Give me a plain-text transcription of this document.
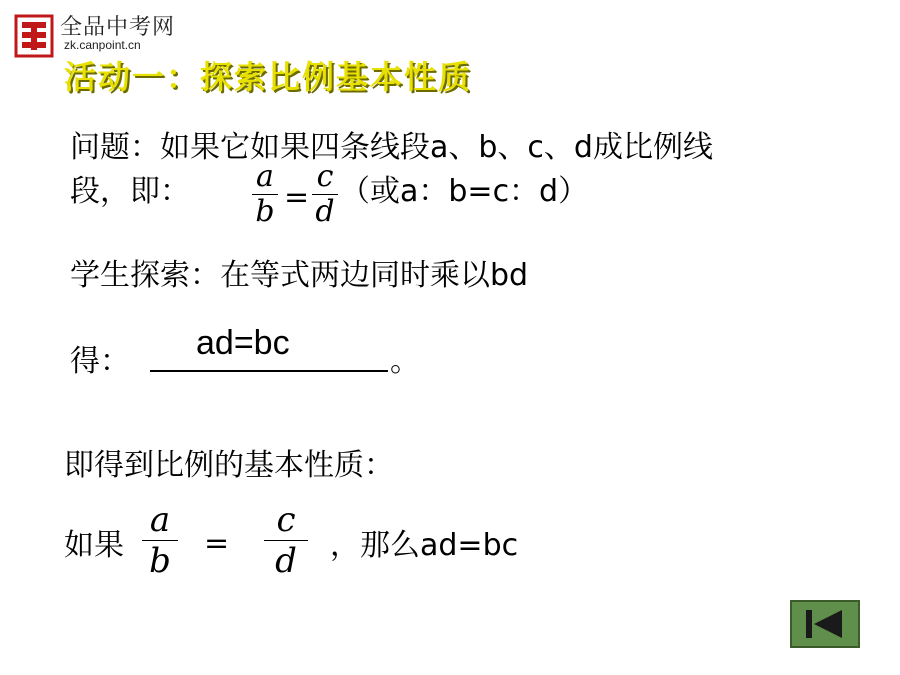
全品中考网
zk.canpoint.cn
活动一：探索比例基本性质
问题：如果它如果四条线段a、b、c、d成比例线
段，即： a
b =
c
d
（或a：b=c：d）
学生探索：在等式两边同时乘以bd
得： ad=bc	。
即得到比例的基本性质：
如果
a
b =
c
d	，那么ad=bc
